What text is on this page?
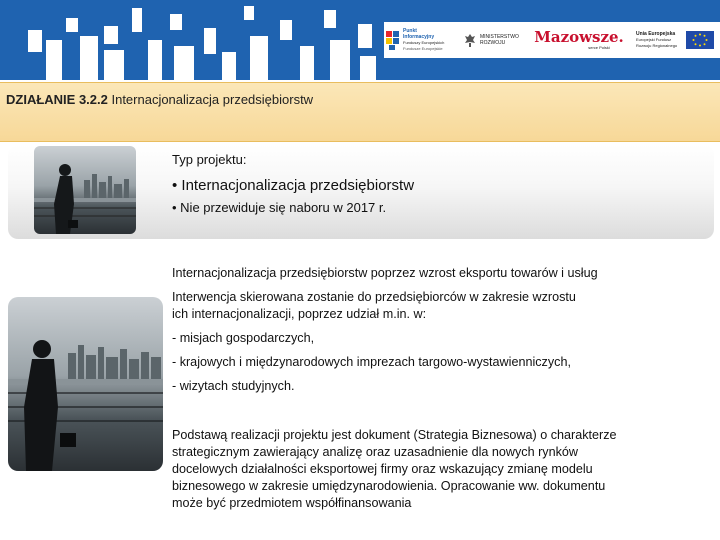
Punkt
Informacyjny
Funduszy Europejskich
Fundusze Europejskie
MINISTERSTWO
ROZWOJU	Mazowsze.
serce Polski
Unia Europejska
Europejski Fundusz
Rozwoju Regionalnego
DZIAŁANIE 3.2.2 Internacjonalizacja przedsiębiorstw
Typ projektu:
• Internacjonalizacja przedsiębiorstw
• Nie przewiduje się naboru w 2017 r.
Internacjonalizacja przedsiębiorstw poprzez wzrost eksportu towarów i usług
Interwencja skierowana zostanie do przedsiębiorców w zakresie wzrostu
ich internacjonalizacji, poprzez udział m.in. w:
- misjach gospodarczych,
- krajowych i międzynarodowych imprezach targowo-wystawienniczych,
- wizytach studyjnych.
Podstawą realizacji projektu jest dokument (Strategia Biznesowa) o charakterze
strategicznym zawierający analizę oraz uzasadnienie dla nowych rynków
docelowych działalności eksportowej firmy oraz wskazujący zmianę modelu
biznesowego w zakresie umiędzynarodowienia. Opracowanie ww. dokumentu
może być przedmiotem współfinansowania
